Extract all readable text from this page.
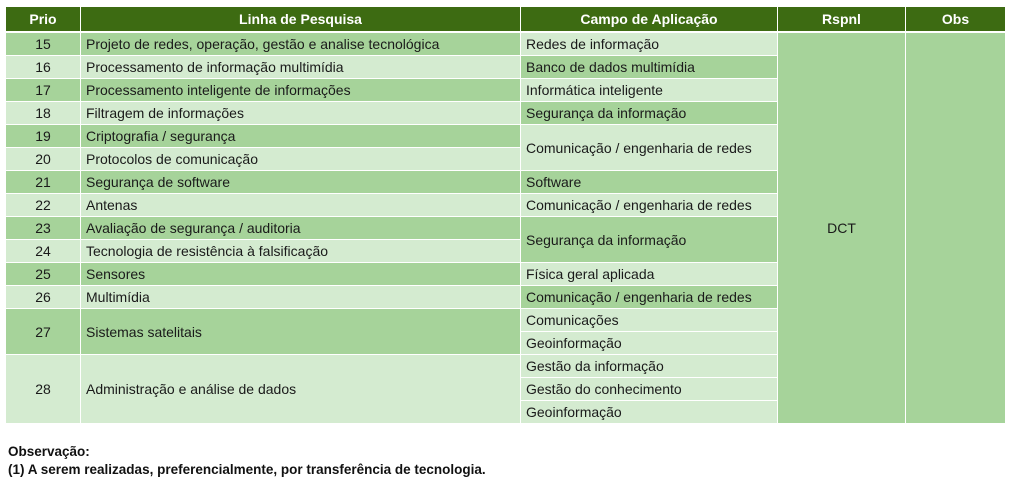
Prio	Linha de Pesquisa	Campo de Aplicação	Rspnl	Obs
15	Projeto de redes, operação, gestão e analise tecnológica	Redes de informação	DCT	
16	Processamento de informação multimídia	Banco de dados multimídia		
17	Processamento inteligente de informações	Informática inteligente		
18	Filtragem de informações	Segurança da informação		
19	Criptografia / segurança	Comunicação / engenharia de redes		
20	Protocolos de comunicação			
21	Segurança de software	Software		
22	Antenas	Comunicação / engenharia de redes		
23	Avaliação de segurança / auditoria	Segurança da informação		
24	Tecnologia de resistência à falsificação			
25	Sensores	Física geral aplicada		
26	Multimídia	Comunicação / engenharia de redes		
27	Sistemas satelitais	Comunicações		
		Geoinformação		
28	Administração e análise de dados	Gestão da informação		
		Gestão do conhecimento		
		Geoinformação		
Observação:
(1) A serem realizadas, preferencialmente, por transferência de tecnologia.
